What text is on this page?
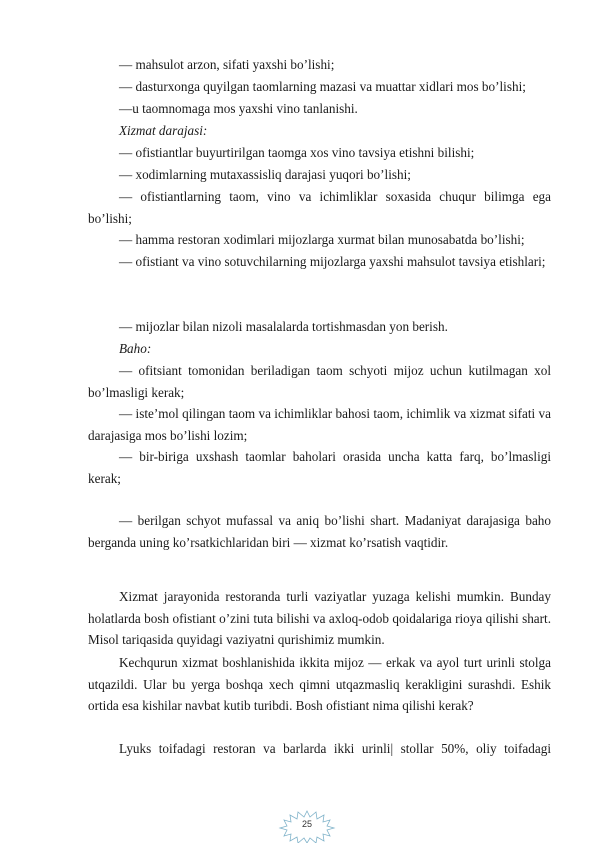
— mahsulot arzon, sifati yaxshi bo’lishi;

— dasturxonga quyilgan taomlarning mazasi va muattar xidlari mos bo’lishi;

—u taomnomaga mos yaxshi vino tanlanishi.

Xizmat darajasi:

— ofistiantlar buyurtirilgan taomga xos vino tavsiya etishni bilishi;

— xodimlarning mutaxassisliq darajasi yuqori bo’lishi;

— ofistiantlarning taom, vino va ichimliklar soxasida chuqur bilimga ega bo’lishi;

— hamma restoran xodimlari mijozlarga xurmat bilan munosabatda bo’lishi;

— ofistiant va vino sotuvchilarning mijozlarga yaxshi mahsulot tavsiya etishlari;

— mijozlar bilan nizoli masalalarda tortishmasdan yon berish.

Baho:

— ofitsiant tomonidan beriladigan taom schyoti mijoz uchun kutilmagan xol bo’lmasligi kerak;

— iste’mol qilingan taom va ichimliklar bahosi taom, ichimlik va xizmat sifati va darajasiga mos bo’lishi lozim;

— bir-biriga uxshash taomlar baholari orasida uncha katta farq, bo’lmasligi kerak;

— berilgan schyot mufassal va aniq bo’lishi shart. Madaniyat darajasiga baho berganda uning ko’rsatkichlaridan biri — xizmat ko’rsatish vaqtidir.

Xizmat jarayonida restoranda turli vaziyatlar yuzaga kelishi mumkin. Bunday holatlarda bosh ofistiant o’zini tuta bilishi va axloq-odob qoidalariga rioya qilishi shart. Misol tariqasida quyidagi vaziyatni qurishimiz mumkin.

Kechqurun xizmat boshlanishida ikkita mijoz — erkak va ayol turt urinli stolga utqazildi. Ular bu yerga boshqa xech qimni utqazmasliq kerakligini surashdi. Eshik ortida esa kishilar navbat kutib turibdi. Bosh ofistiant nima qilishi kerak?

Lyuks toifadagi restoran va barlarda ikki urinli| stollar 50%, oliy toifadagi

25
